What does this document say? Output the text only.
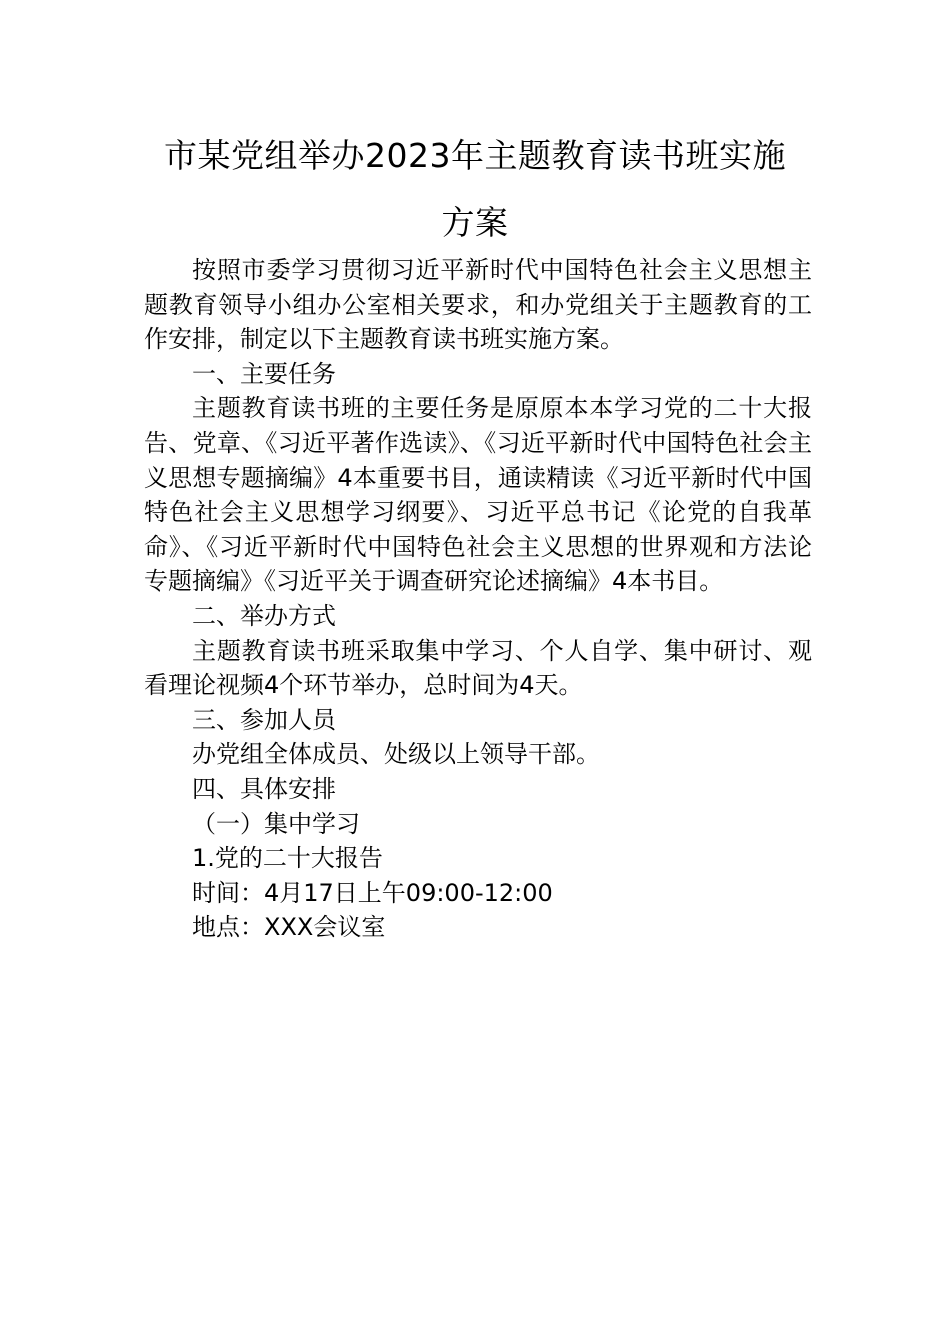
市某党组举办2023年主题教育读书班实施
方案

按照市委学习贯彻习近平新时代中国特色社会主义思想主题教育领导小组办公室相关要求，和办党组关于主题教育的工作安排，制定以下主题教育读书班实施方案。

一、主要任务

主题教育读书班的主要任务是原原本本学习党的二十大报告、党章、《习近平著作选读》、《习近平新时代中国特色社会主义思想专题摘编》4本重要书目，通读精读《习近平新时代中国特色社会主义思想学习纲要》、习近平总书记《论党的自我革命》、《习近平新时代中国特色社会主义思想的世界观和方法论专题摘编》《习近平关于调查研究论述摘编》4本书目。

二、举办方式

主题教育读书班采取集中学习、个人自学、集中研讨、观看理论视频4个环节举办，总时间为4天。

三、参加人员

办党组全体成员、处级以上领导干部。

四、具体安排

（一）集中学习

1.党的二十大报告

时间：4月17日上午09:00-12:00

地点：XXX会议室
